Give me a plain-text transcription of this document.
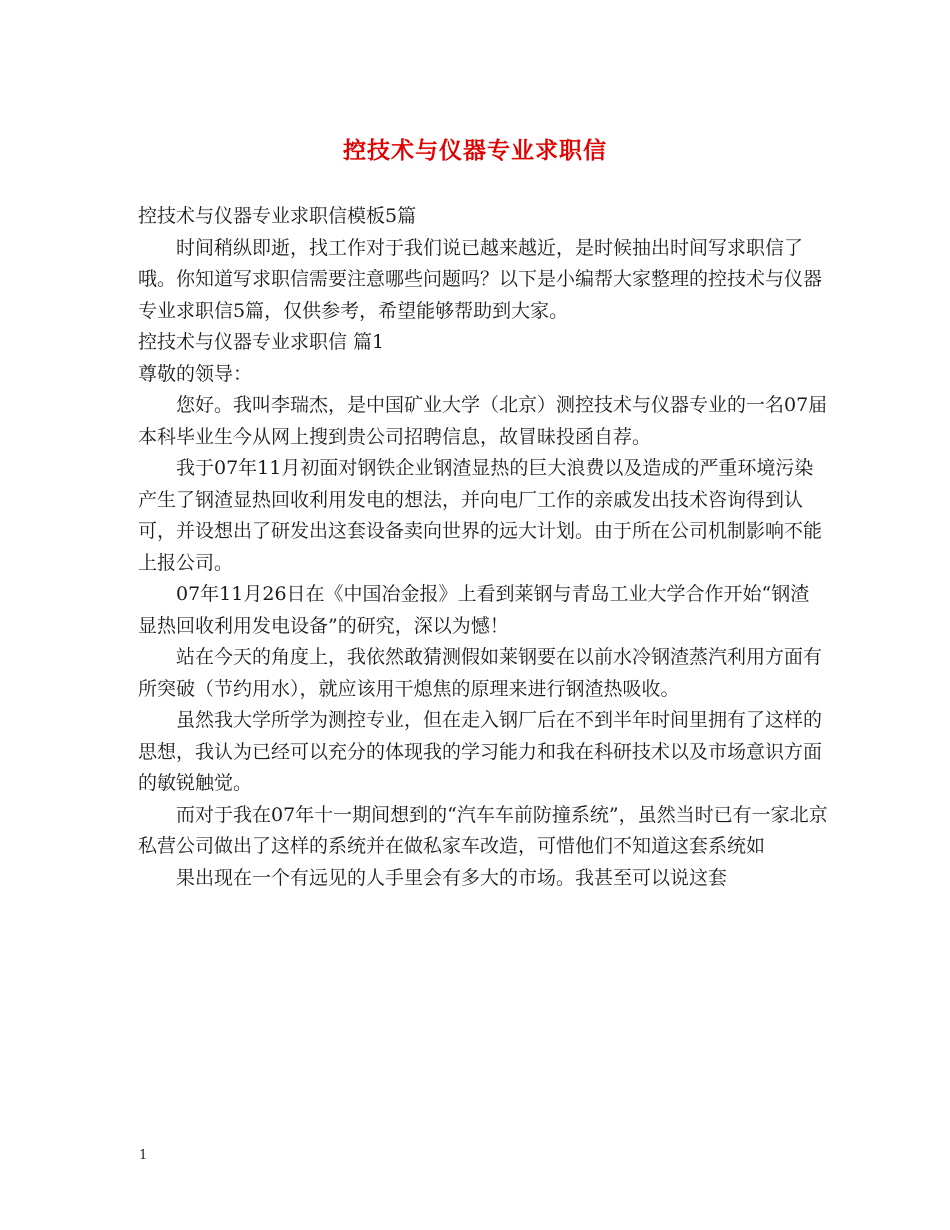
控技术与仪器专业求职信

控技术与仪器专业求职信模板5篇

时间稍纵即逝，找工作对于我们说已越来越近，是时候抽出时间写求职信了哦。你知道写求职信需要注意哪些问题吗？以下是小编帮大家整理的控技术与仪器专业求职信5篇，仅供参考，希望能够帮助到大家。

控技术与仪器专业求职信 篇1

尊敬的领导：

您好。我叫李瑞杰，是中国矿业大学（北京）测控技术与仪器专业的一名07届本科毕业生今从网上搜到贵公司招聘信息，故冒昧投函自荐。

我于07年11月初面对钢铁企业钢渣显热的巨大浪费以及造成的严重环境污染产生了钢渣显热回收利用发电的想法，并向电厂工作的亲戚发出技术咨询得到认可，并设想出了研发出这套设备卖向世界的远大计划。由于所在公司机制影响不能上报公司。

07年11月26日在《中国冶金报》上看到莱钢与青岛工业大学合作开始“钢渣显热回收利用发电设备”的研究，深以为憾！

站在今天的角度上，我依然敢猜测假如莱钢要在以前水冷钢渣蒸汽利用方面有所突破（节约用水），就应该用干熄焦的原理来进行钢渣热吸收。

虽然我大学所学为测控专业，但在走入钢厂后在不到半年时间里拥有了这样的思想，我认为已经可以充分的体现我的学习能力和我在科研技术以及市场意识方面的敏锐触觉。

而对于我在07年十一期间想到的“汽车车前防撞系统”，虽然当时已有一家北京私营公司做出了这样的系统并在做私家车改造，可惜他们不知道这套系统如

果出现在一个有远见的人手里会有多大的市场。我甚至可以说这套

1
